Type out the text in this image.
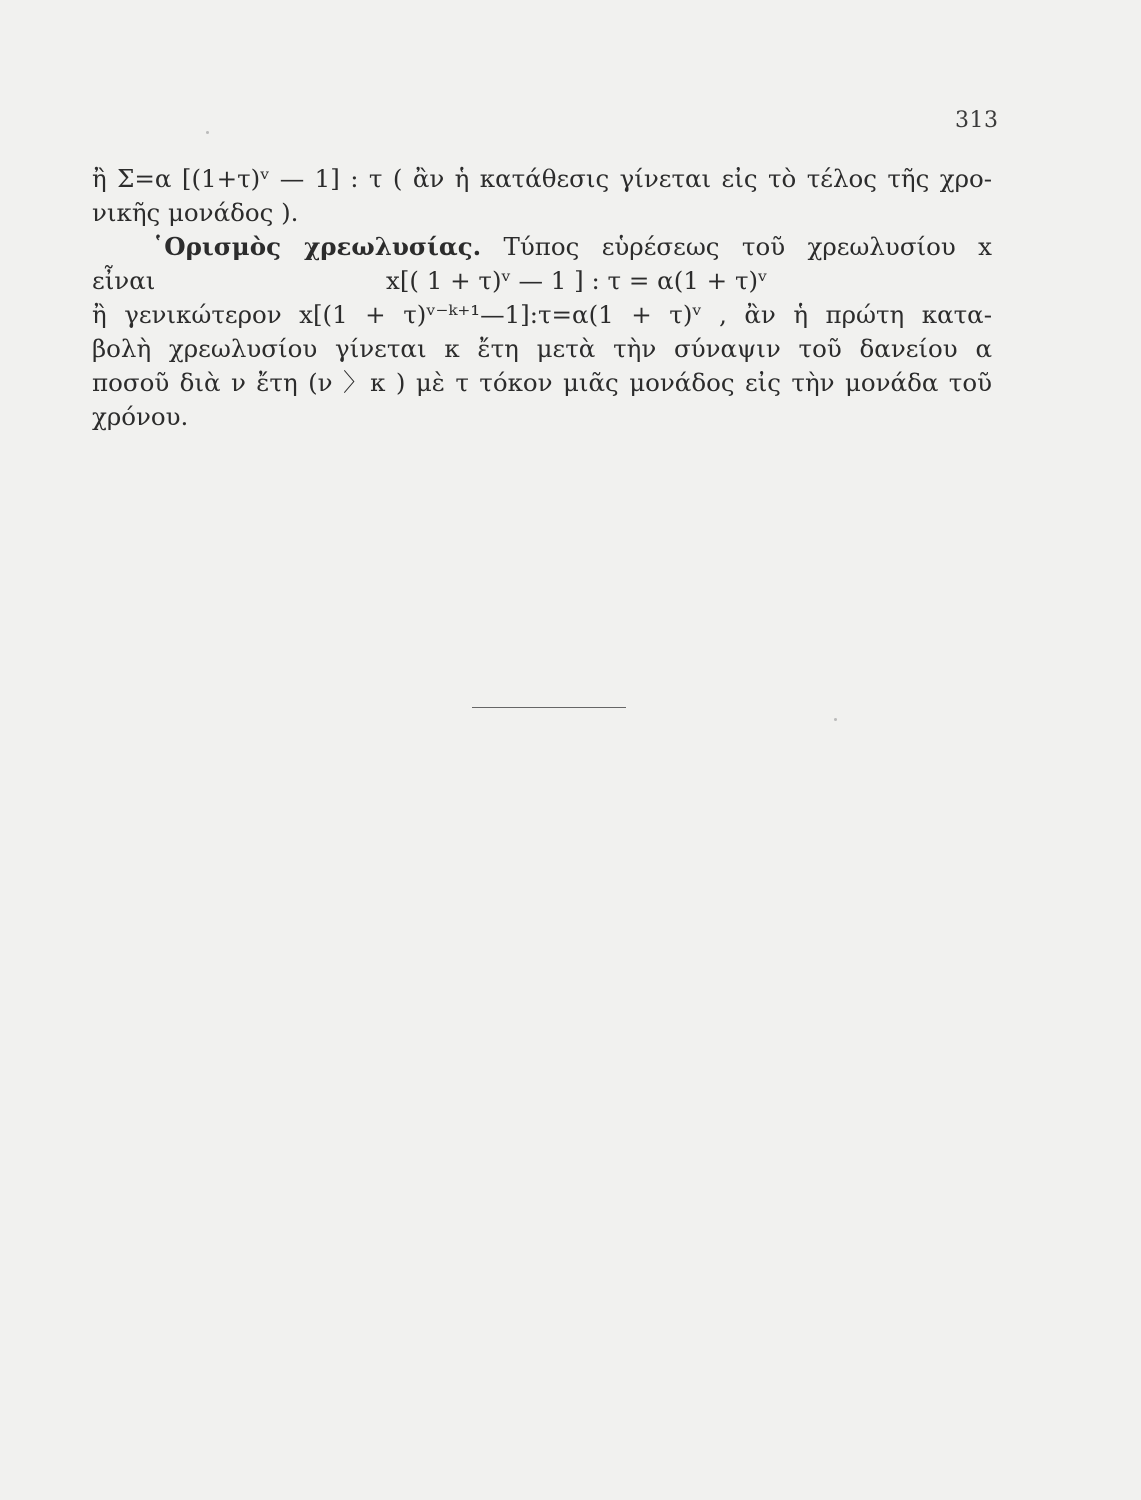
313
ἢ Σ=α [(1+τ)ᵛ — 1] : τ ( ἂν ἡ κατάθεσις γίνεται εἰς τὸ τέλος τῆς χρο-
νικῆς μονάδος ).
῾Ορισμὸς χρεωλυσίας. Τύπος εὑρέσεως τοῦ χρεωλυσίου x
εἶναι	x[( 1 + τ)ᵛ — 1 ] : τ = α(1 + τ)ᵛ
ἢ γενικώτερον x[(1 + τ)ᵛ⁻ᵏ⁺¹—1]:τ=α(1 + τ)ᵛ , ἂν ἡ πρώτη κατα-
βολὴ χρεωλυσίου γίνεται κ ἔτη μετὰ τὴν σύναψιν τοῦ δανείου α
ποσοῦ διὰ ν ἔτη (ν 〉κ ) μὲ τ τόκον μιᾶς μονάδος εἰς τὴν μονάδα τοῦ
χρόνου.
